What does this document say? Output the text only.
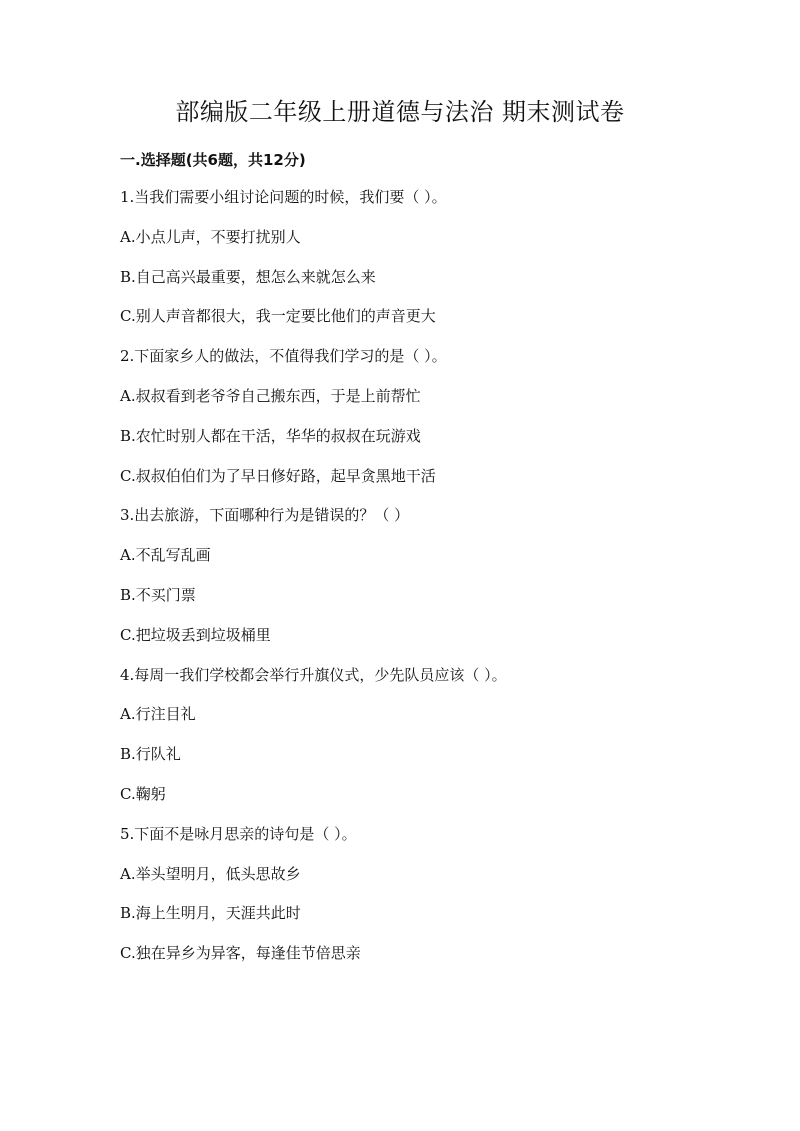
部编版二年级上册道德与法治 期末测试卷
一.选择题(共6题，共12分)
1.当我们需要小组讨论问题的时候，我们要（ ）。
A.小点儿声，不要打扰别人
B.自己高兴最重要，想怎么来就怎么来
C.别人声音都很大，我一定要比他们的声音更大
2.下面家乡人的做法，不值得我们学习的是（ ）。
A.叔叔看到老爷爷自己搬东西，于是上前帮忙
B.农忙时别人都在干活，华华的叔叔在玩游戏
C.叔叔伯伯们为了早日修好路，起早贪黑地干活
3.出去旅游，下面哪种行为是错误的？（ ）
A.不乱写乱画
B.不买门票
C.把垃圾丢到垃圾桶里
4.每周一我们学校都会举行升旗仪式，少先队员应该（ ）。
A.行注目礼
B.行队礼
C.鞠躬
5.下面不是咏月思亲的诗句是（ ）。
A.举头望明月，低头思故乡
B.海上生明月，天涯共此时
C.独在异乡为异客，每逢佳节倍思亲
